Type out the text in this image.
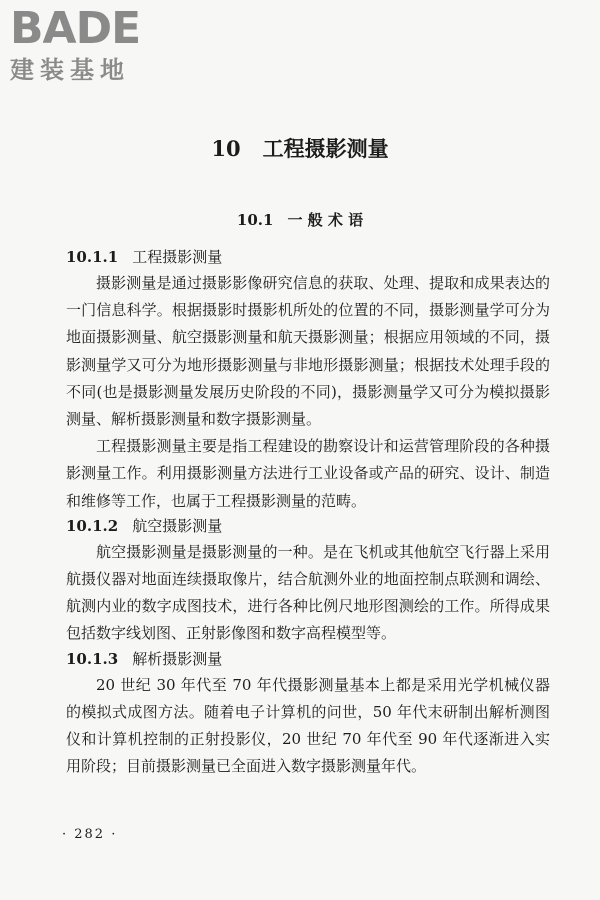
BADE
建装基地
10 工程摄影测量
10.1 一 般 术 语
10.1.1 工程摄影测量

摄影测量是通过摄影影像研究信息的获取、处理、提取和成果表达的一门信息科学。根据摄影时摄影机所处的位置的不同，摄影测量学可分为地面摄影测量、航空摄影测量和航天摄影测量；根据应用领域的不同，摄影测量学又可分为地形摄影测量与非地形摄影测量；根据技术处理手段的不同(也是摄影测量发展历史阶段的不同)，摄影测量学又可分为模拟摄影测量、解析摄影测量和数字摄影测量。

工程摄影测量主要是指工程建设的勘察设计和运营管理阶段的各种摄影测量工作。利用摄影测量方法进行工业设备或产品的研究、设计、制造和维修等工作，也属于工程摄影测量的范畴。

10.1.2 航空摄影测量

航空摄影测量是摄影测量的一种。是在飞机或其他航空飞行器上采用航摄仪器对地面连续摄取像片，结合航测外业的地面控制点联测和调绘、航测内业的数字成图技术，进行各种比例尺地形图测绘的工作。所得成果包括数字线划图、正射影像图和数字高程模型等。

10.1.3 解析摄影测量

20 世纪 30 年代至 70 年代摄影测量基本上都是采用光学机械仪器的模拟式成图方法。随着电子计算机的问世，50 年代末研制出解析测图仪和计算机控制的正射投影仪，20 世纪 70 年代至 90 年代逐渐进入实用阶段；目前摄影测量已全面进入数字摄影测量年代。

· 282 ·
